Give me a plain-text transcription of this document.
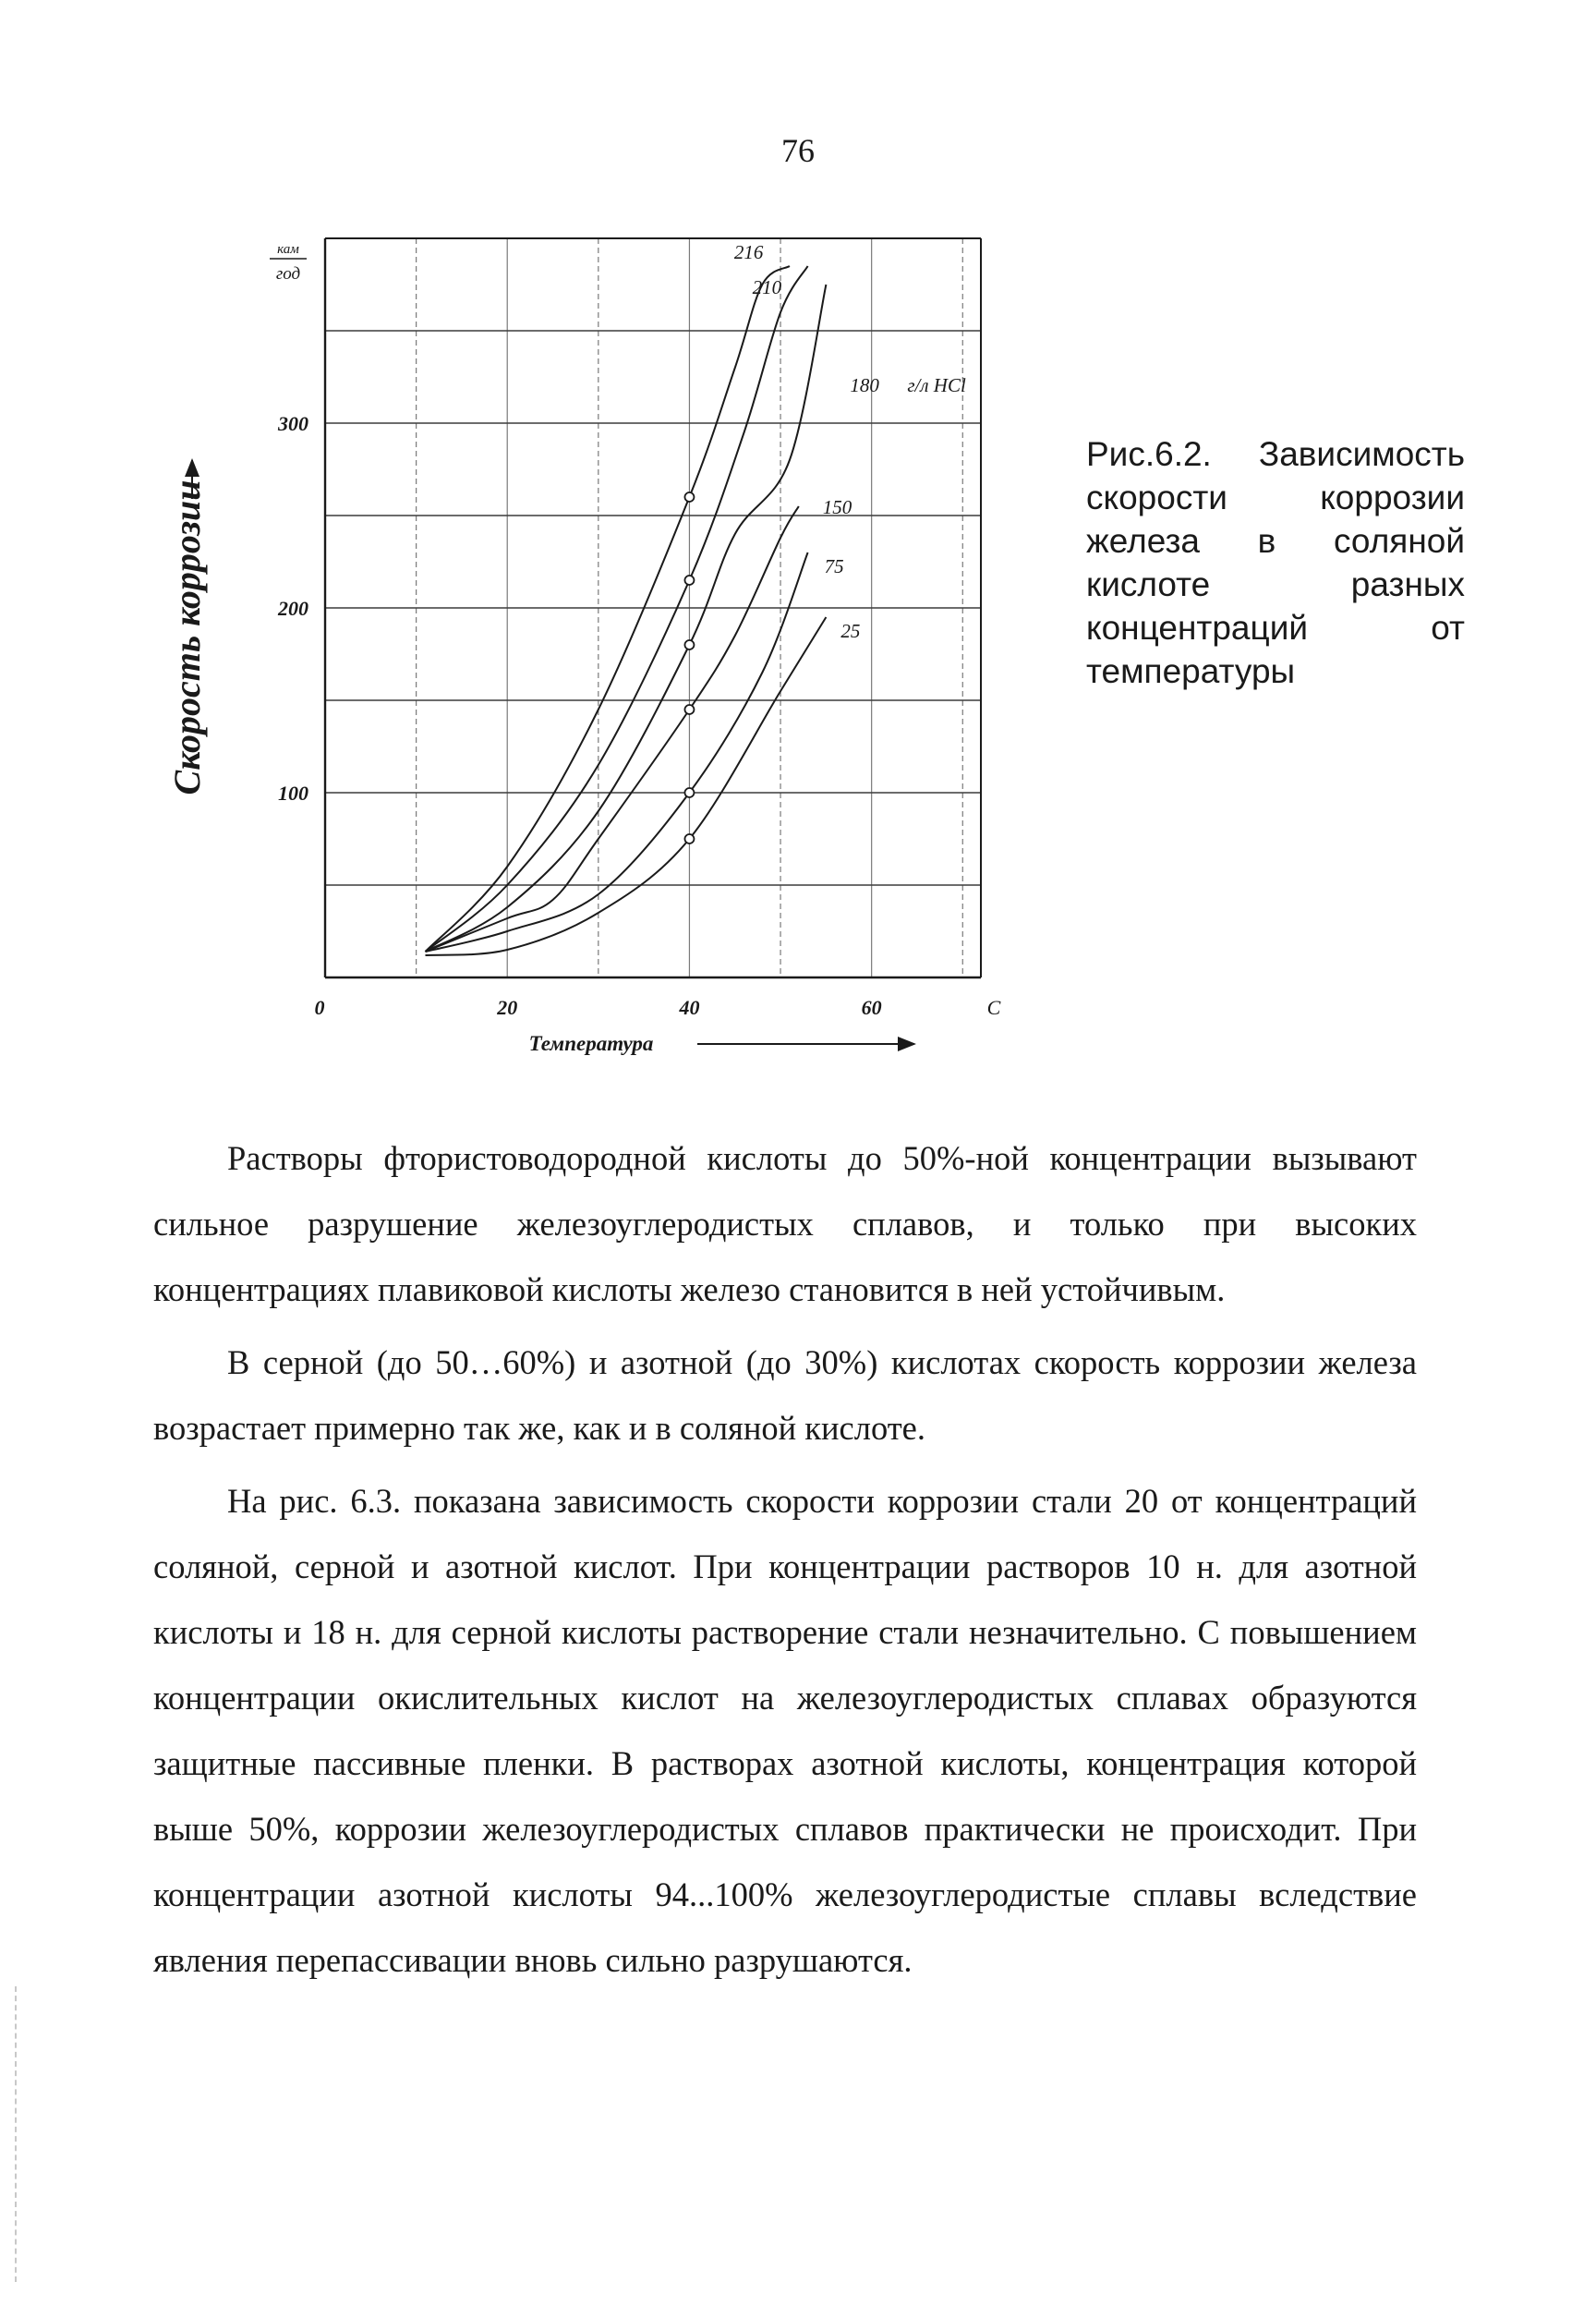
76
0	20	40	60	С
100
200
300
кам
год
Температура
Скорость коррозии
216
210
180
150
75
25
г/л HCl
Рис.6.2. Зависимость
скорости коррозии
железа в соляной
кислоте разных
концентраций от
температуры

Растворы фтористоводородной кислоты до 50%-ной концентрации вызывают сильное разрушение железоуглеродистых сплавов, и только при высоких концентрациях плавиковой кислоты железо становится в ней устойчивым.

В серной (до 50…60%) и азотной (до 30%) кислотах скорость коррозии железа возрастает примерно так же, как и в соляной кислоте.

На рис. 6.3. показана зависимость скорости коррозии стали 20 от концентраций соляной, серной и азотной кислот. При концентрации растворов 10 н. для азотной кислоты и 18 н. для серной кислоты растворение стали незначительно. С повышением концентрации окислительных кислот на железоуглеродистых сплавах образуются защитные пассивные пленки. В растворах азотной кислоты, концентрация которой выше 50%, коррозии железоуглеродистых сплавов практически не происходит. При концентрации азотной кислоты 94...100% железоуглеродистые сплавы вследствие явления перепассивации вновь сильно разрушаются.
